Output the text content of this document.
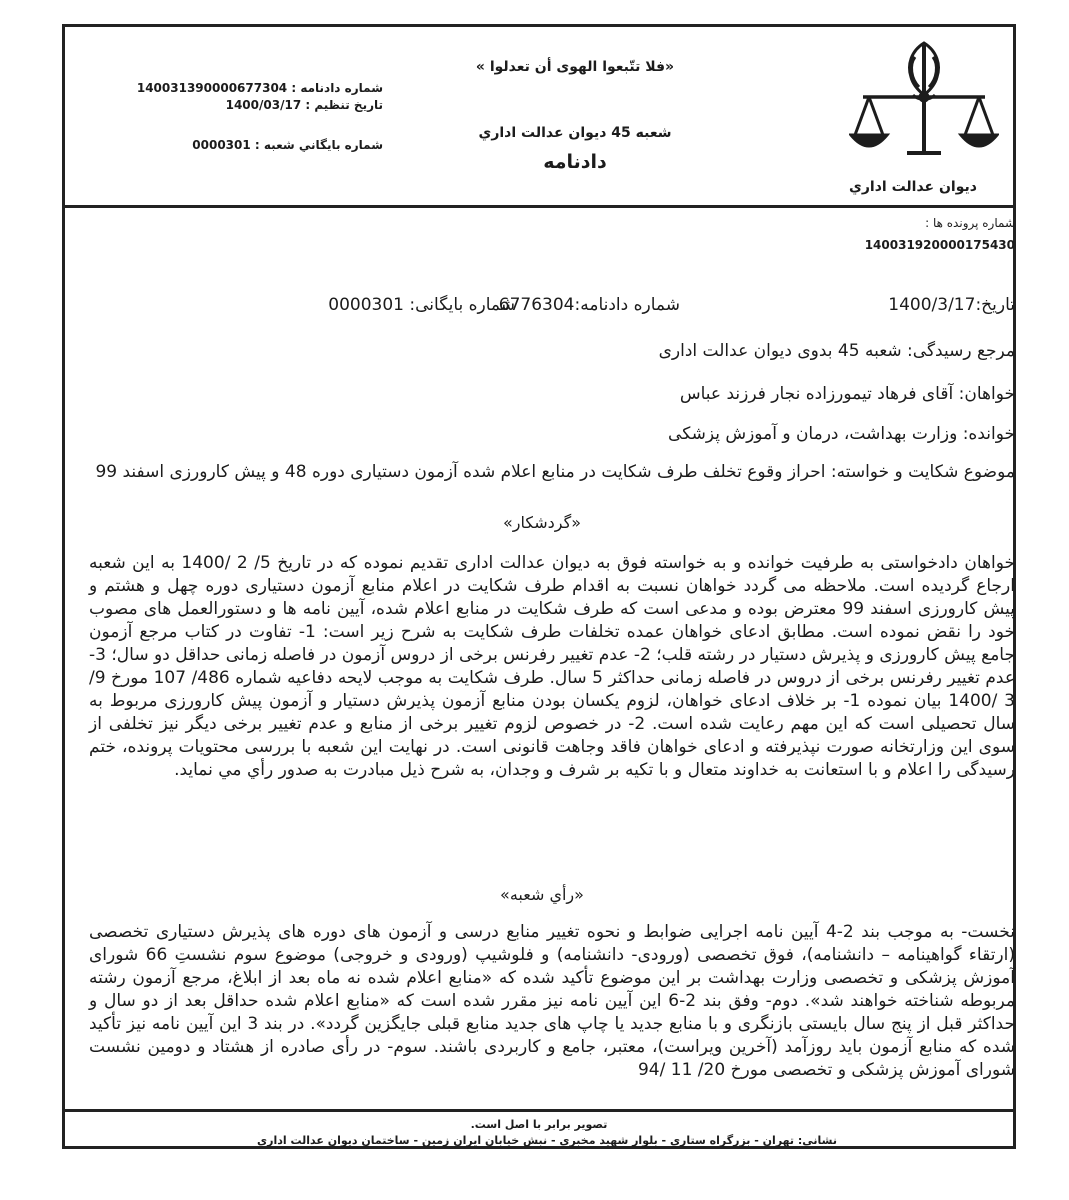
ديوان عدالت اداري
«فلا تتّبعوا الهوى أن تعدلوا »
شعبه 45 ديوان عدالت اداري
دادنامه
شماره دادنامه : 140031390000677304
تاريخ تنظيم : 1400/03/17
شماره بايگاني شعبه : 0000301
شماره پرونده ها :
140031920000175430
تاریخ:1400/3/17
شماره دادنامه:6776304
شماره بایگانی: 0000301
مرجع رسیدگی: شعبه 45 بدوی دیوان عدالت اداری
خواهان: آقای فرهاد تیمورزاده نجار فرزند عباس
خوانده: وزارت بهداشت، درمان و آموزش پزشکی
موضوع شکایت و خواسته: احراز وقوع تخلف طرف شکایت در منابع اعلام شده آزمون دستیاری دوره 48 و پیش کارورزی اسفند 99
«گردشکار»
خواهان دادخواستی به طرفیت خوانده و به خواسته فوق به دیوان عدالت اداری تقدیم نموده که در تاریخ 5/ 2 /1400 به این شعبه ارجاع گردیده است. ملاحظه می گردد خواهان نسبت به اقدام طرف شکایت در اعلام منابع آزمون دستیاری دوره چهل و هشتم و پیش کارورزی اسفند 99 معترض بوده و مدعی است که طرف شکایت در منابع اعلام شده، آیین نامه ها و دستورالعمل های مصوب خود را نقض نموده است. مطابق ادعای خواهان عمده تخلفات طرف شکایت به شرح زیر است: 1- تفاوت در کتاب مرجع آزمون جامع پیش کارورزی و پذیرش دستیار در رشته قلب؛ 2- عدم تغییر رفرنس برخی از دروس آزمون در فاصله زمانی حداقل دو سال؛ 3- عدم تغییر رفرنس برخی از دروس در فاصله زمانی حداکثر 5 سال. طرف شکایت به موجب لایحه دفاعیه شماره 486/ 107 مورخ 9/ 3 /1400 بیان نموده 1- بر خلاف ادعای خواهان، لزوم یکسان بودن منابع آزمون پذیرش دستیار و آزمون پیش کارورزی مربوط به سال تحصیلی است که این مهم رعایت شده است. 2- در خصوص لزوم تغییر برخی از منابع و عدم تغییر برخی دیگر نیز تخلفی از سوی این وزارتخانه صورت نپذیرفته و ادعای خواهان فاقد وجاهت قانونی است. در نهایت این شعبه با بررسی محتویات پرونده، ختم رسیدگی را اعلام و با استعانت به خداوند متعال و با تکیه بر شرف و وجدان، به شرح ذیل مبادرت به صدور رأي مي نمايد.
«رأي شعبه»
نخست- به موجب بند 2-4 آیین نامه اجرایی ضوابط و نحوه تغییر منابع درسی و آزمون های دوره های پذیرش دستیاری تخصصی (ارتقاء گواهینامه – دانشنامه)، فوق تخصصی (ورودی- دانشنامه) و فلوشیپ (ورودی و خروجی) موضوع سوم نشستِ 66 شورای آموزش پزشکی و تخصصی وزارت بهداشت بر این موضوع تأکید شده که «منابع اعلام شده نه ماه بعد از ابلاغ، مرجع آزمون رشته مربوطه شناخته خواهند شد». دوم- وفق بند 2-6 این آیین نامه نیز مقرر شده است که «منابع اعلام شده حداقل بعد از دو سال و حداکثر قبل از پنج سال بایستی بازنگری و با منابع جدید یا چاپ های جدید منابع قبلی جایگزین گردد». در بند 3 این آیین نامه نیز تأکید شده که منابع آزمون باید روزآمد (آخرین ویراست)، معتبر، جامع و کاربردی باشند. سوم- در رأی صادره از هشتاد و دومین نشست شورای آموزش پزشکی و تخصصی مورخ 20/ 11 /94
تصوير برابر با اصل است.
نشاني: تهران - بزرگراه ستاري - بلوار شهيد مخبري - نبش خيابان ايران زمين - ساختمان ديوان عدالت اداري
